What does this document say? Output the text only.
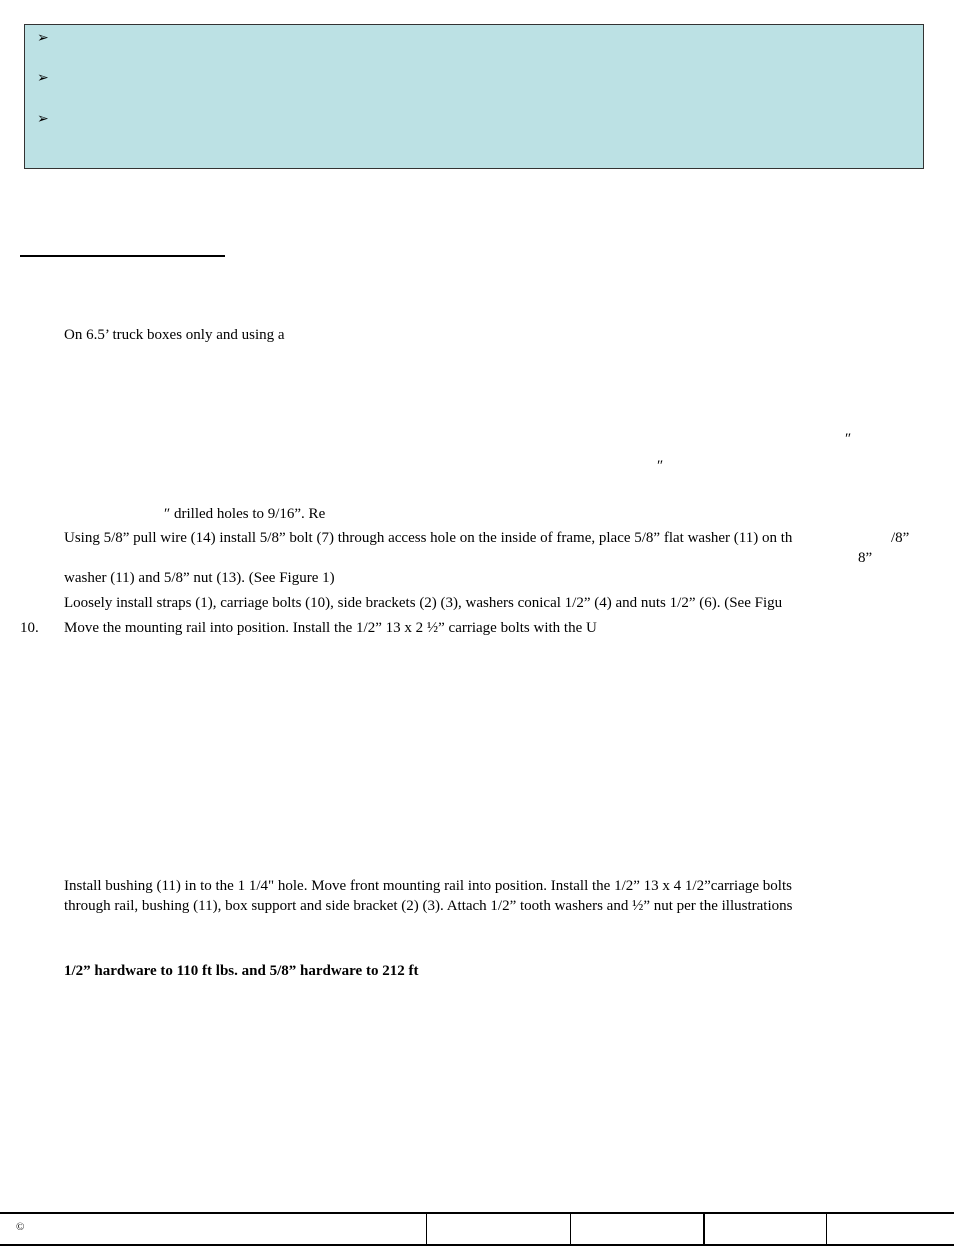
➢
➢
➢
On 6.5’ truck boxes only and using a
″
″
″ drilled holes to 9/16”. Re
Using 5/8” pull wire (14) install 5/8” bolt (7) through access hole on the inside of frame, place 5/8” flat washer (11) on th	/8”
8”
washer (11) and 5/8” nut (13). (See Figure 1)
Loosely install straps (1), carriage bolts (10), side brackets (2) (3), washers conical 1/2” (4) and nuts 1/2” (6). (See Figu
10. Move the mounting rail into position. Install the 1/2” 13 x 2 ½” carriage bolts with the U
Install bushing (11) in to the 1 1/4" hole. Move front mounting rail into position. Install the 1/2” 13 x 4 1/2”carriage bolts
through rail, bushing (11), box support and side bracket (2) (3). Attach 1/2” tooth washers and ½” nut per the illustrations
1/2” hardware to 110 ft lbs. and 5/8” hardware to 212 ft
©
